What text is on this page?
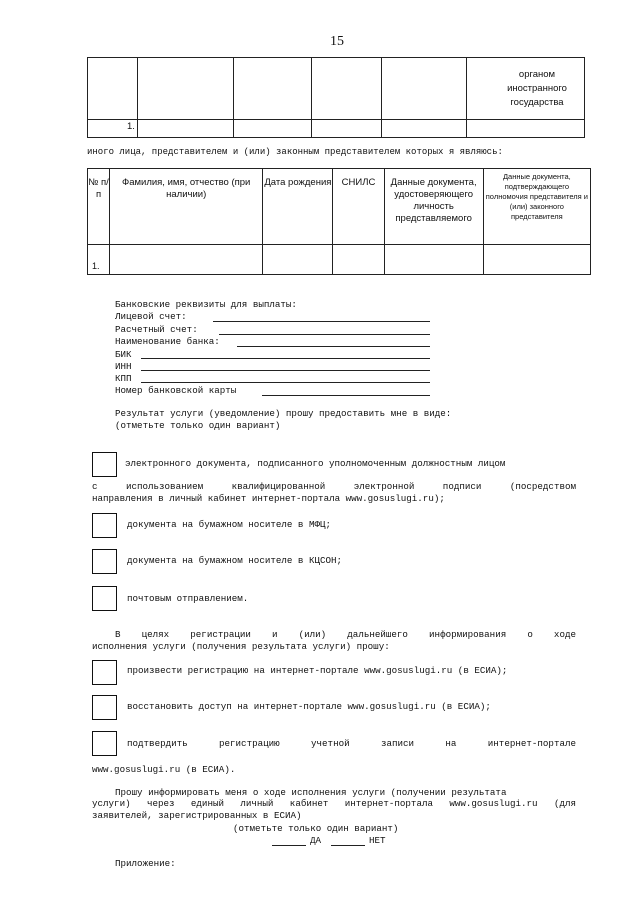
15

органом иностранного государства
1.
иного лица, представителем и (или) законным представителем которых я являюсь:
№ п/п	Фамилия, имя, отчество (при наличии)	Дата рождения	СНИЛС	Данные документа, удостоверяющего личность представляемого	Данные документа, подтверждающего полномочия представителя и (или) законного представителя
1.					
Банковские реквизиты для выплаты:
Лицевой счет:
Расчетный счет:
Наименование банка:
БИК
ИНН
КПП
Номер банковской карты
Результат услуги (уведомление) прошу предоставить мне в виде:
(отметьте только один вариант)
электронного документа, подписанного уполномоченным должностным лицом
с использованием квалифицированной электронной подписи (посредством
направления в личный кабинет интернет-портала www.gosuslugi.ru);
документа на бумажном носителе в МФЦ;
документа на бумажном носителе в КЦСОН;
почтовым отправлением.
В целях регистрации и (или) дальнейшего информирования о ходе
исполнения услуги (получения результата услуги) прошу:
произвести регистрацию на интернет-портале www.gosuslugi.ru (в ЕСИА);
восстановить доступ на интернет-портале www.gosuslugi.ru (в ЕСИА);
подтвердить регистрацию учетной записи на интернет-портале
www.gosuslugi.ru (в ЕСИА).
Прошу информировать меня о ходе исполнения услуги (получении результата
услуги) через единый личный кабинет интернет-портала www.gosuslugi.ru (для
заявителей, зарегистрированных в ЕСИА)
(отметьте только один вариант)
ДА	НЕТ
Приложение:
